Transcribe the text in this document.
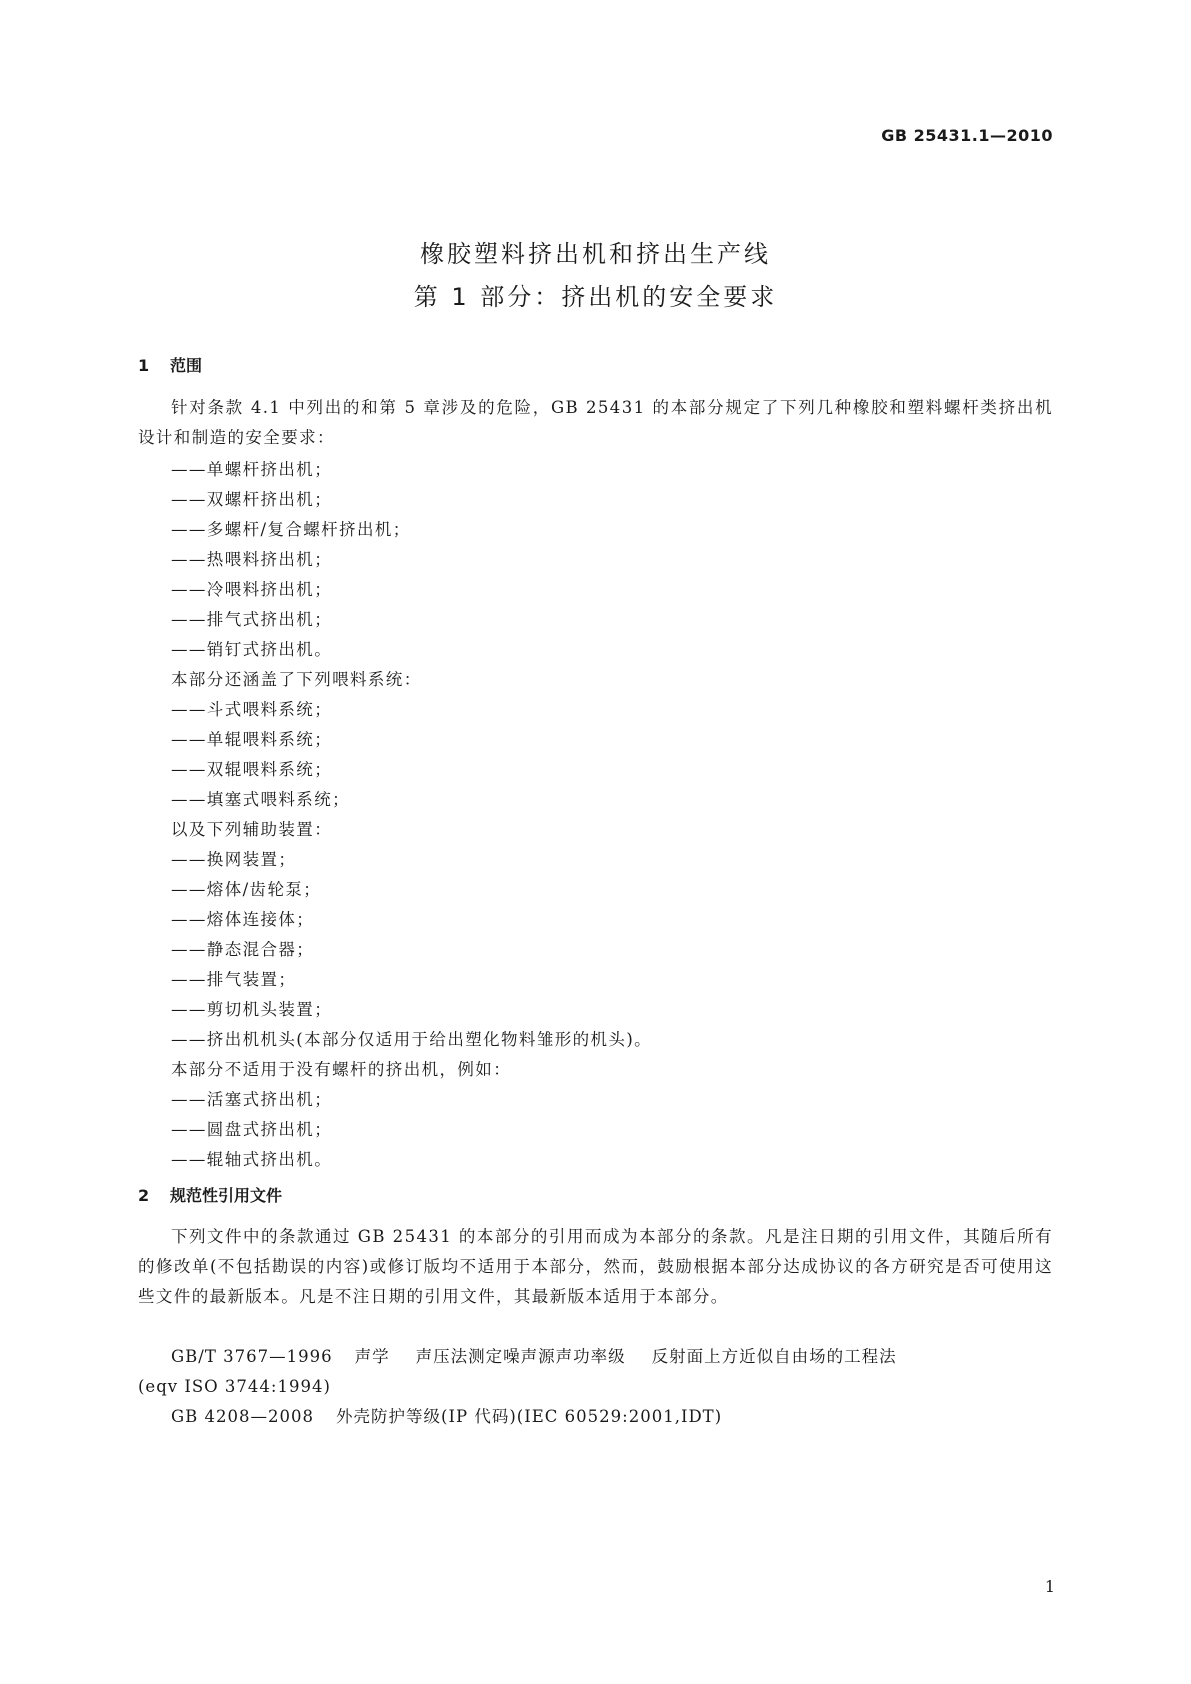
GB 25431.1—2010
橡胶塑料挤出机和挤出生产线
第 1 部分：挤出机的安全要求
1 范围

针对条款 4.1 中列出的和第 5 章涉及的危险，GB 25431 的本部分规定了下列几种橡胶和塑料螺杆类挤出机设计和制造的安全要求：

——单螺杆挤出机；
——双螺杆挤出机；
——多螺杆/复合螺杆挤出机；
——热喂料挤出机；
——冷喂料挤出机；
——排气式挤出机；
——销钉式挤出机。
本部分还涵盖了下列喂料系统：
——斗式喂料系统；
——单辊喂料系统；
——双辊喂料系统；
——填塞式喂料系统；
以及下列辅助装置：
——换网装置；
——熔体/齿轮泵；
——熔体连接体；
——静态混合器；
——排气装置；
——剪切机头装置；
——挤出机机头(本部分仅适用于给出塑化物料雏形的机头)。
本部分不适用于没有螺杆的挤出机，例如：
——活塞式挤出机；
——圆盘式挤出机；
——辊轴式挤出机。
2 规范性引用文件

下列文件中的条款通过 GB 25431 的本部分的引用而成为本部分的条款。凡是注日期的引用文件，其随后所有的修改单(不包括勘误的内容)或修订版均不适用于本部分，然而，鼓励根据本部分达成协议的各方研究是否可使用这些文件的最新版本。凡是不注日期的引用文件，其最新版本适用于本部分。

GB/T 3767—1996 声学 声压法测定噪声源声功率级 反射面上方近似自由场的工程法
(eqv ISO 3744:1994)

GB 4208—2008 外壳防护等级(IP 代码)(IEC 60529:2001,IDT)

1
